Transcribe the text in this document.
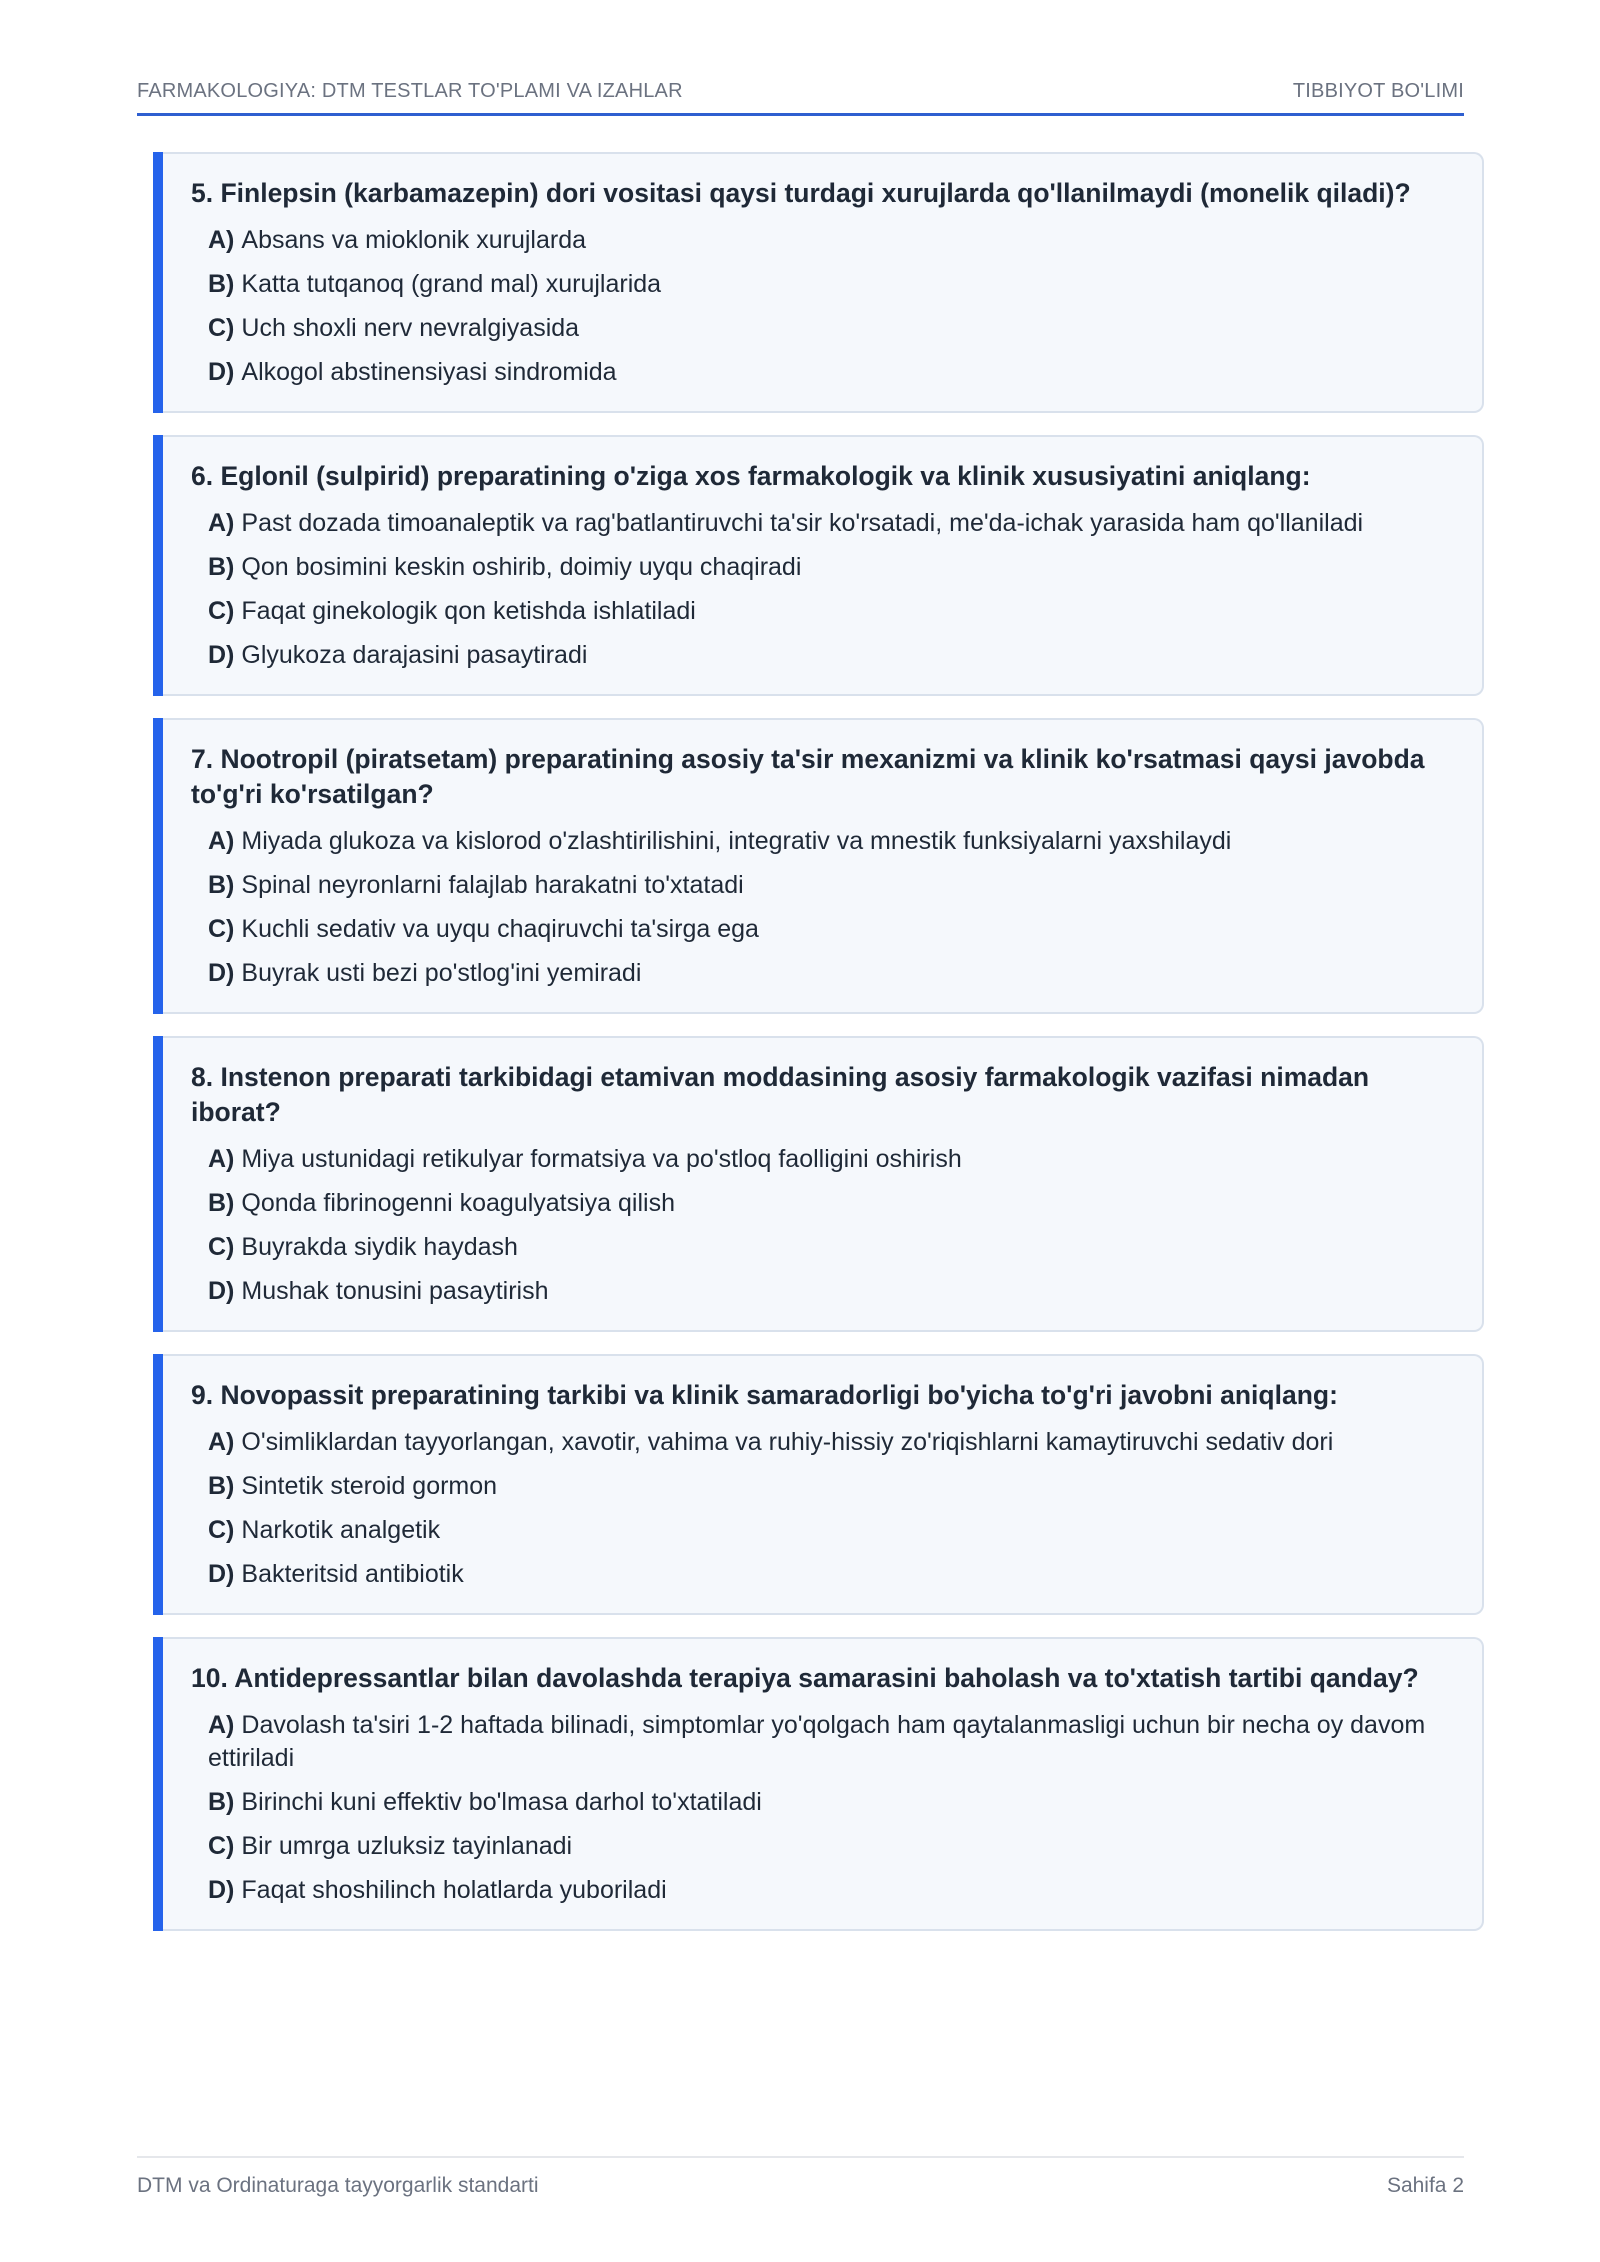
FARMAKOLOGIYA: DTM TESTLAR TO'PLAMI VA IZAHLAR	TIBBIYOT BO'LIMI
5. Finlepsin (karbamazepin) dori vositasi qaysi turdagi xurujlarda qo'llanilmaydi (monelik qiladi)?
A) Absans va mioklonik xurujlarda
B) Katta tutqanoq (grand mal) xurujlarida
C) Uch shoxli nerv nevralgiyasida
D) Alkogol abstinensiyasi sindromida
6. Eglonil (sulpirid) preparatining o'ziga xos farmakologik va klinik xususiyatini aniqlang:
A) Past dozada timoanaleptik va rag'batlantiruvchi ta'sir ko'rsatadi, me'da-ichak yarasida ham qo'llaniladi
B) Qon bosimini keskin oshirib, doimiy uyqu chaqiradi
C) Faqat ginekologik qon ketishda ishlatiladi
D) Glyukoza darajasini pasaytiradi
7. Nootropil (piratsetam) preparatining asosiy ta'sir mexanizmi va klinik ko'rsatmasi qaysi javobda to'g'ri ko'rsatilgan?
A) Miyada glukoza va kislorod o'zlashtirilishini, integrativ va mnestik funksiyalarni yaxshilaydi
B) Spinal neyronlarni falajlab harakatni to'xtatadi
C) Kuchli sedativ va uyqu chaqiruvchi ta'sirga ega
D) Buyrak usti bezi po'stlog'ini yemiradi
8. Instenon preparati tarkibidagi etamivan moddasining asosiy farmakologik vazifasi nimadan iborat?
A) Miya ustunidagi retikulyar formatsiya va po'stloq faolligini oshirish
B) Qonda fibrinogenni koagulyatsiya qilish
C) Buyrakda siydik haydash
D) Mushak tonusini pasaytirish
9. Novopassit preparatining tarkibi va klinik samaradorligi bo'yicha to'g'ri javobni aniqlang:
A) O'simliklardan tayyorlangan, xavotir, vahima va ruhiy-hissiy zo'riqishlarni kamaytiruvchi sedativ dori
B) Sintetik steroid gormon
C) Narkotik analgetik
D) Bakteritsid antibiotik
10. Antidepressantlar bilan davolashda terapiya samarasini baholash va to'xtatish tartibi qanday?
A) Davolash ta'siri 1-2 haftada bilinadi, simptomlar yo'qolgach ham qaytalanmasligi uchun bir necha oy davom ettiriladi
B) Birinchi kuni effektiv bo'lmasa darhol to'xtatiladi
C) Bir umrga uzluksiz tayinlanadi
D) Faqat shoshilinch holatlarda yuboriladi
DTM va Ordinaturaga tayyorgarlik standarti	Sahifa 2
